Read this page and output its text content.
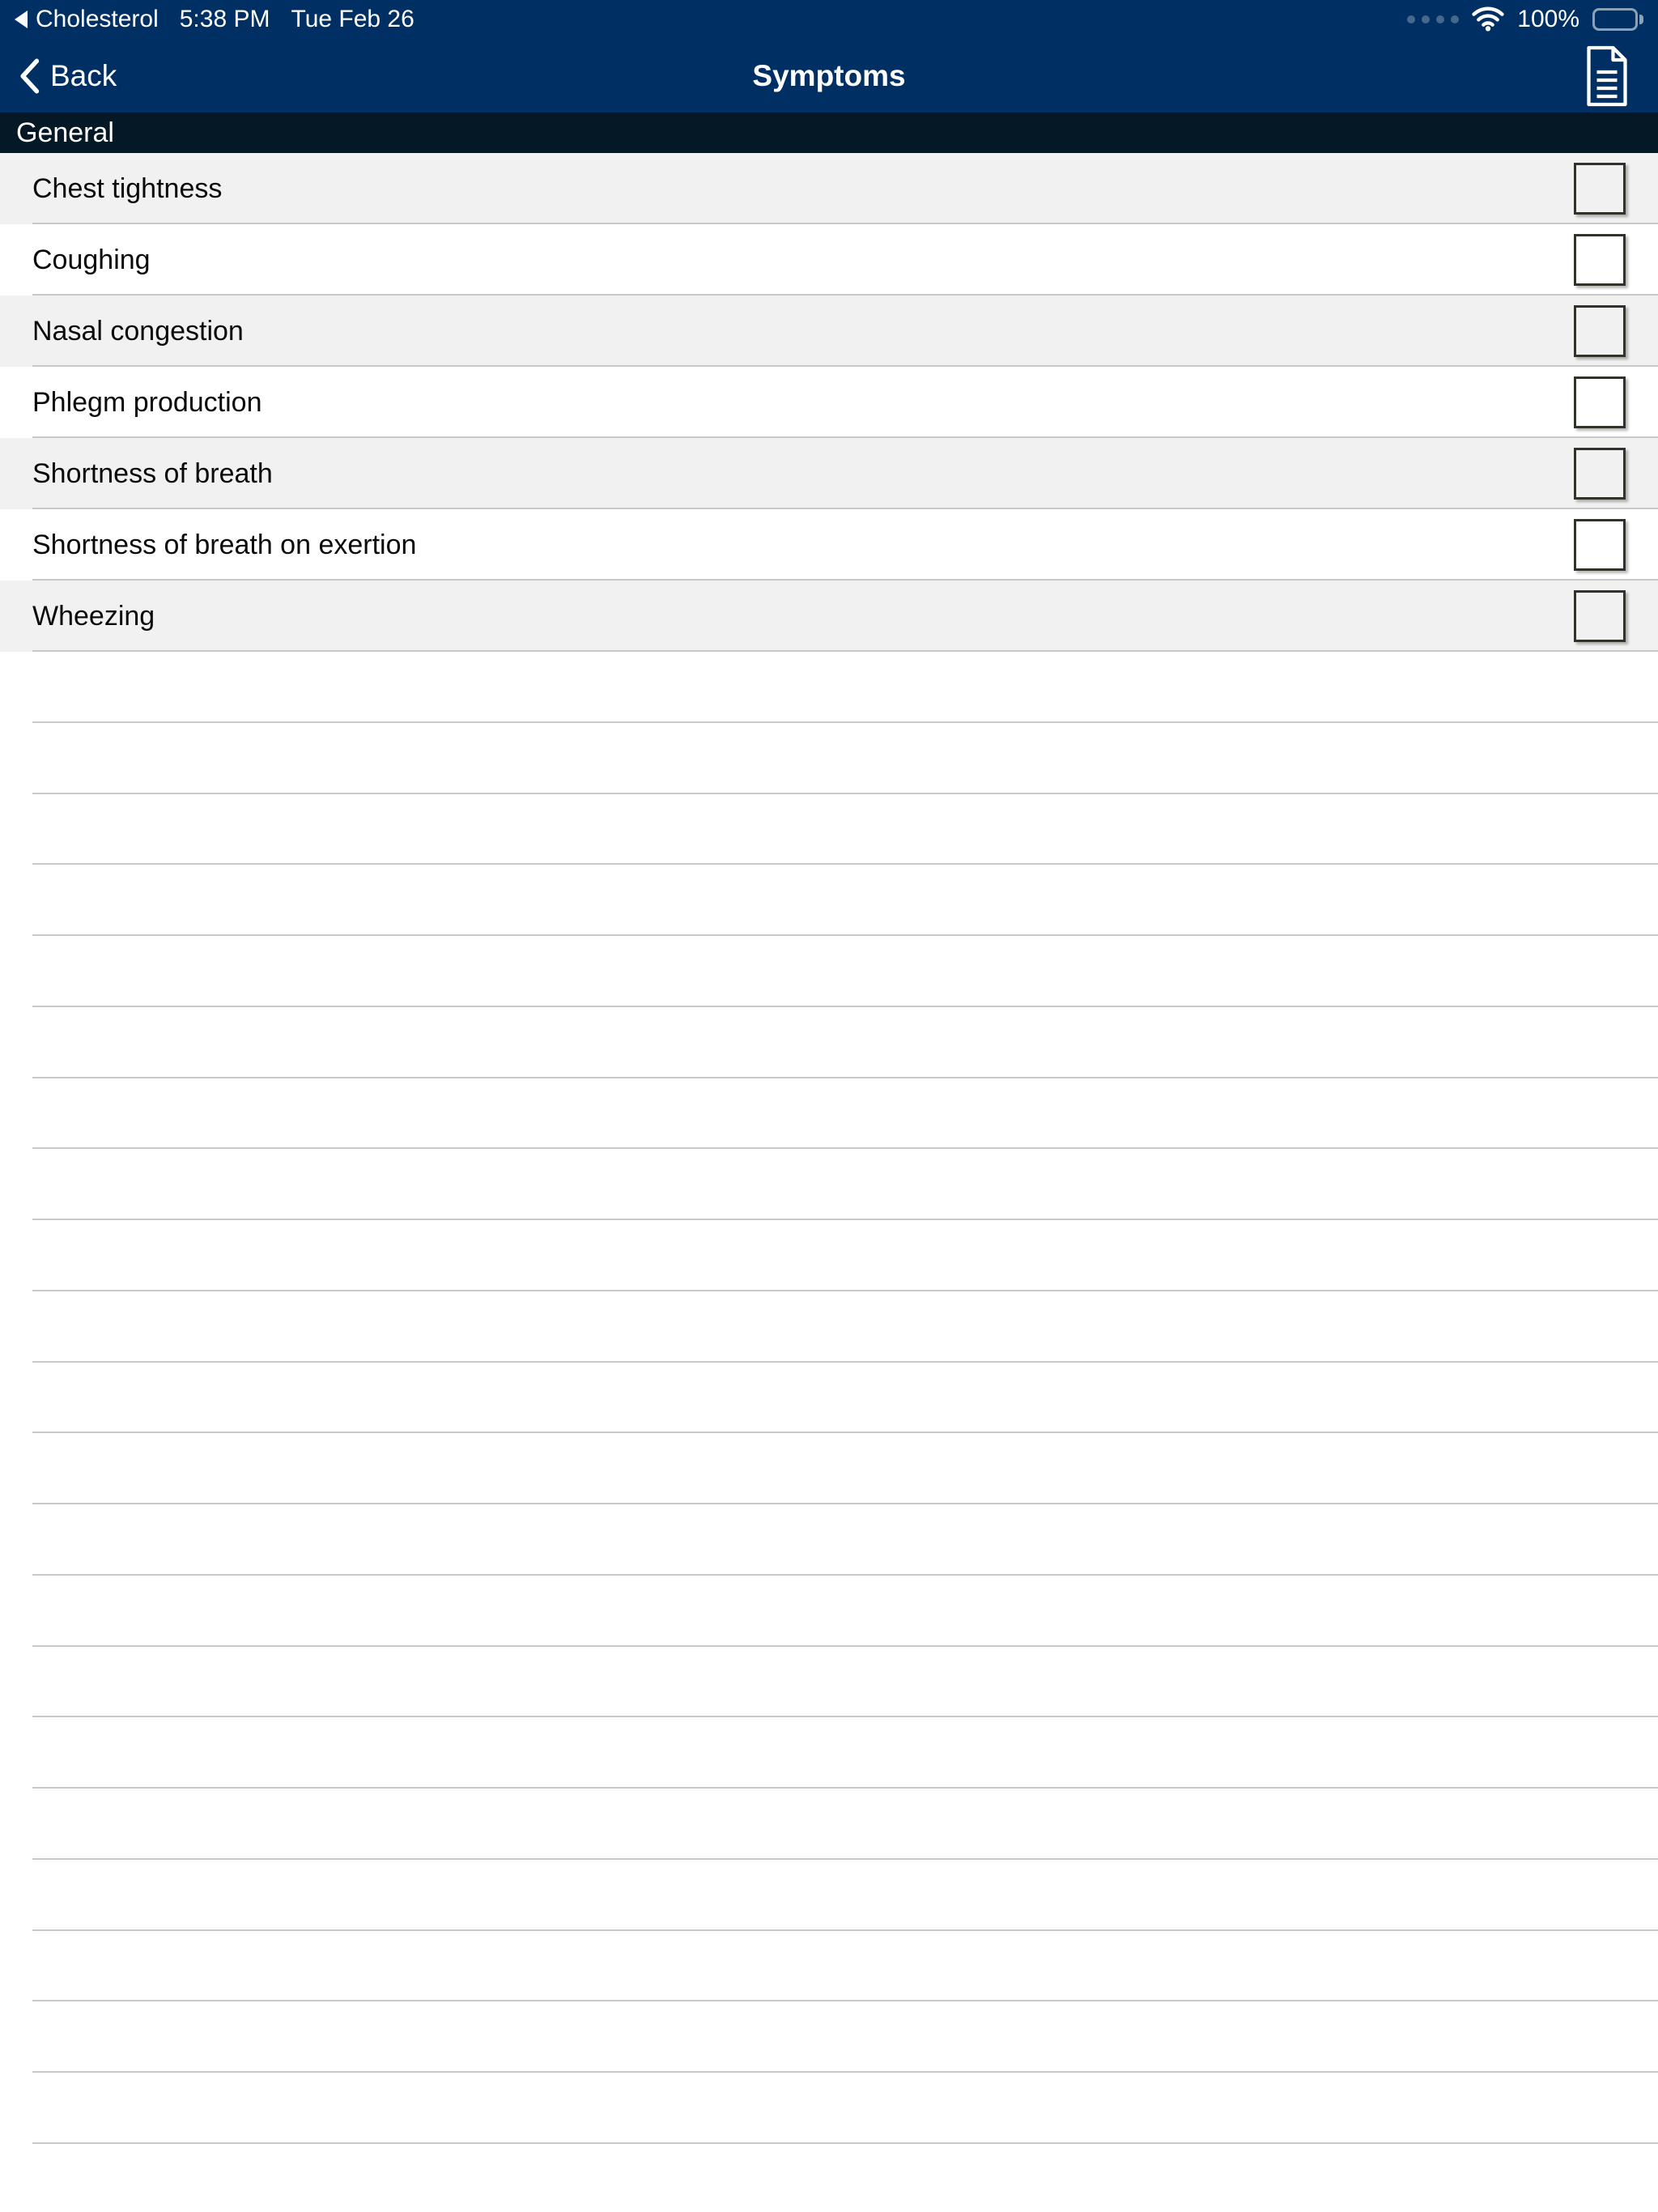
Cholesterol 5:38 PM Tue Feb 26	100%
Back	Symptoms
General
Chest tightness
Coughing
Nasal congestion
Phlegm production
Shortness of breath
Shortness of breath on exertion
Wheezing
